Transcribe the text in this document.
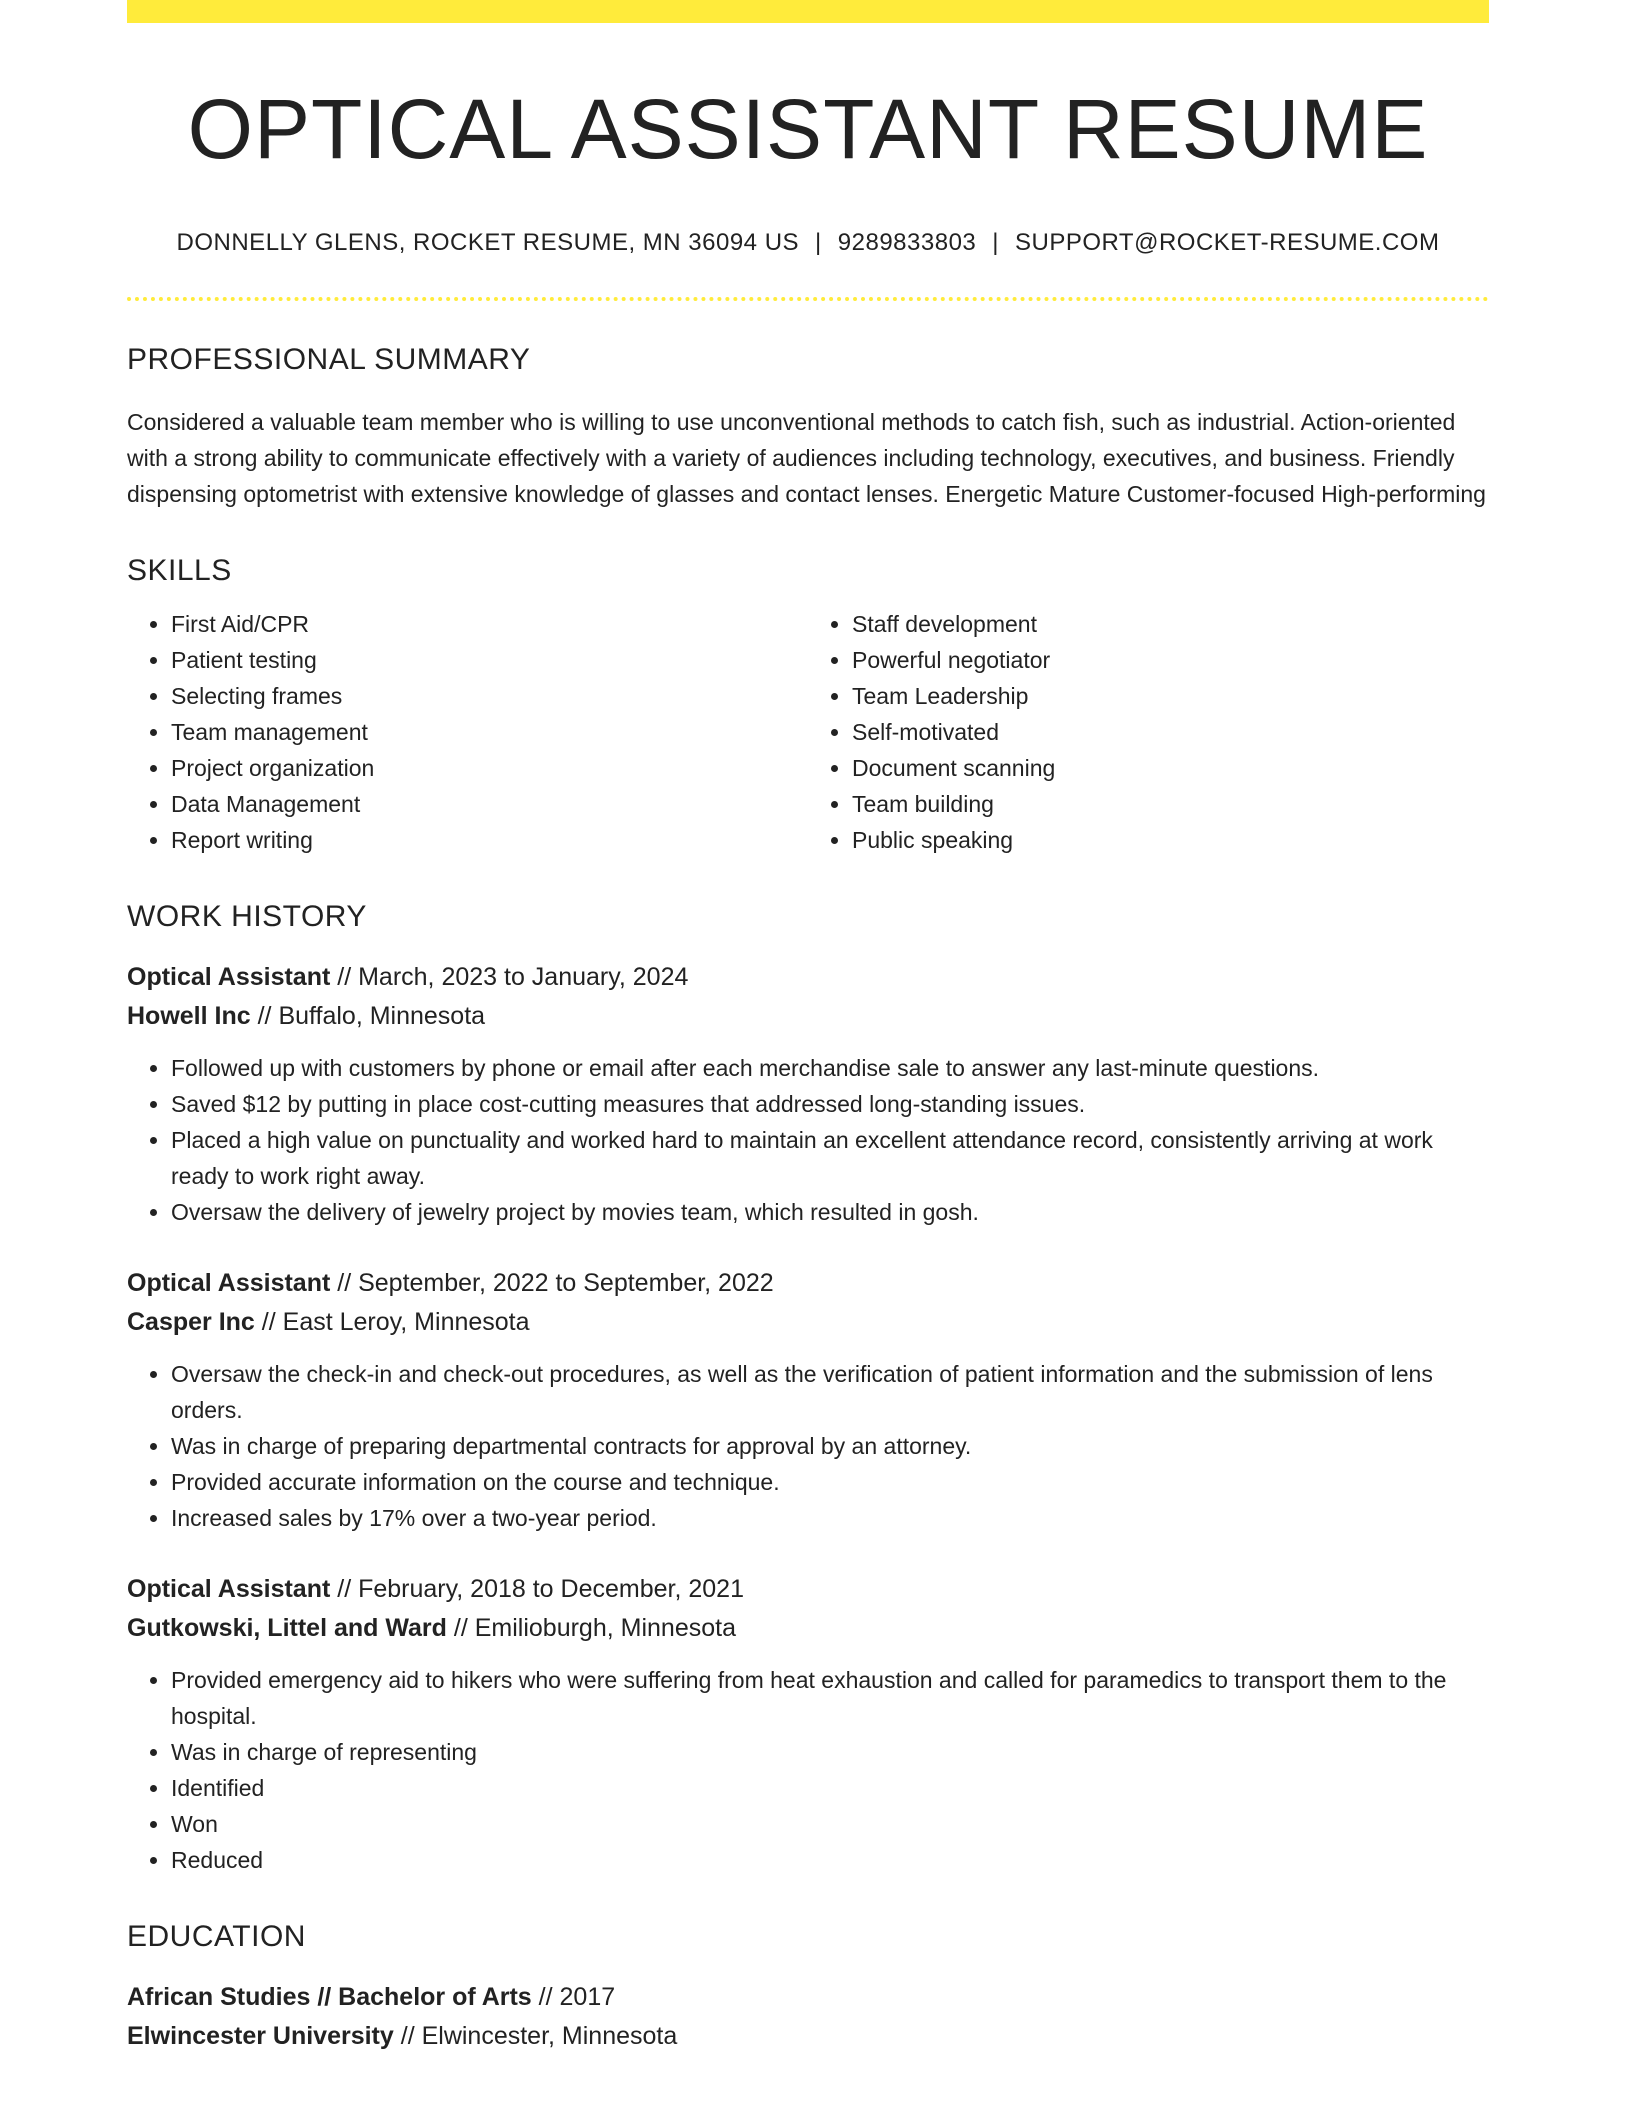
OPTICAL ASSISTANT RESUME
DONNELLY GLENS, ROCKET RESUME, MN 36094 US | 9289833803 | SUPPORT@ROCKET-RESUME.COM
PROFESSIONAL SUMMARY

Considered a valuable team member who is willing to use unconventional methods to catch fish, such as industrial. Action-oriented with a strong ability to communicate effectively with a variety of audiences including technology, executives, and business. Friendly dispensing optometrist with extensive knowledge of glasses and contact lenses. Energetic Mature Customer-focused High-performing

SKILLS
• First Aid/CPR
• Patient testing
• Selecting frames
• Team management
• Project organization
• Data Management
• Report writing
• Staff development
• Powerful negotiator
• Team Leadership
• Self-motivated
• Document scanning
• Team building
• Public speaking
WORK HISTORY
Optical Assistant // March, 2023 to January, 2024
Howell Inc // Buffalo, Minnesota
• Followed up with customers by phone or email after each merchandise sale to answer any last-minute questions.
• Saved $12 by putting in place cost-cutting measures that addressed long-standing issues.
• Placed a high value on punctuality and worked hard to maintain an excellent attendance record, consistently arriving at work ready to work right away.
• Oversaw the delivery of jewelry project by movies team, which resulted in gosh.
Optical Assistant // September, 2022 to September, 2022
Casper Inc // East Leroy, Minnesota
• Oversaw the check-in and check-out procedures, as well as the verification of patient information and the submission of lens orders.
• Was in charge of preparing departmental contracts for approval by an attorney.
• Provided accurate information on the course and technique.
• Increased sales by 17% over a two-year period.
Optical Assistant // February, 2018 to December, 2021
Gutkowski, Littel and Ward // Emilioburgh, Minnesota
• Provided emergency aid to hikers who were suffering from heat exhaustion and called for paramedics to transport them to the hospital.
• Was in charge of representing
• Identified
• Won
• Reduced
EDUCATION
African Studies // Bachelor of Arts // 2017
Elwincester University // Elwincester, Minnesota
